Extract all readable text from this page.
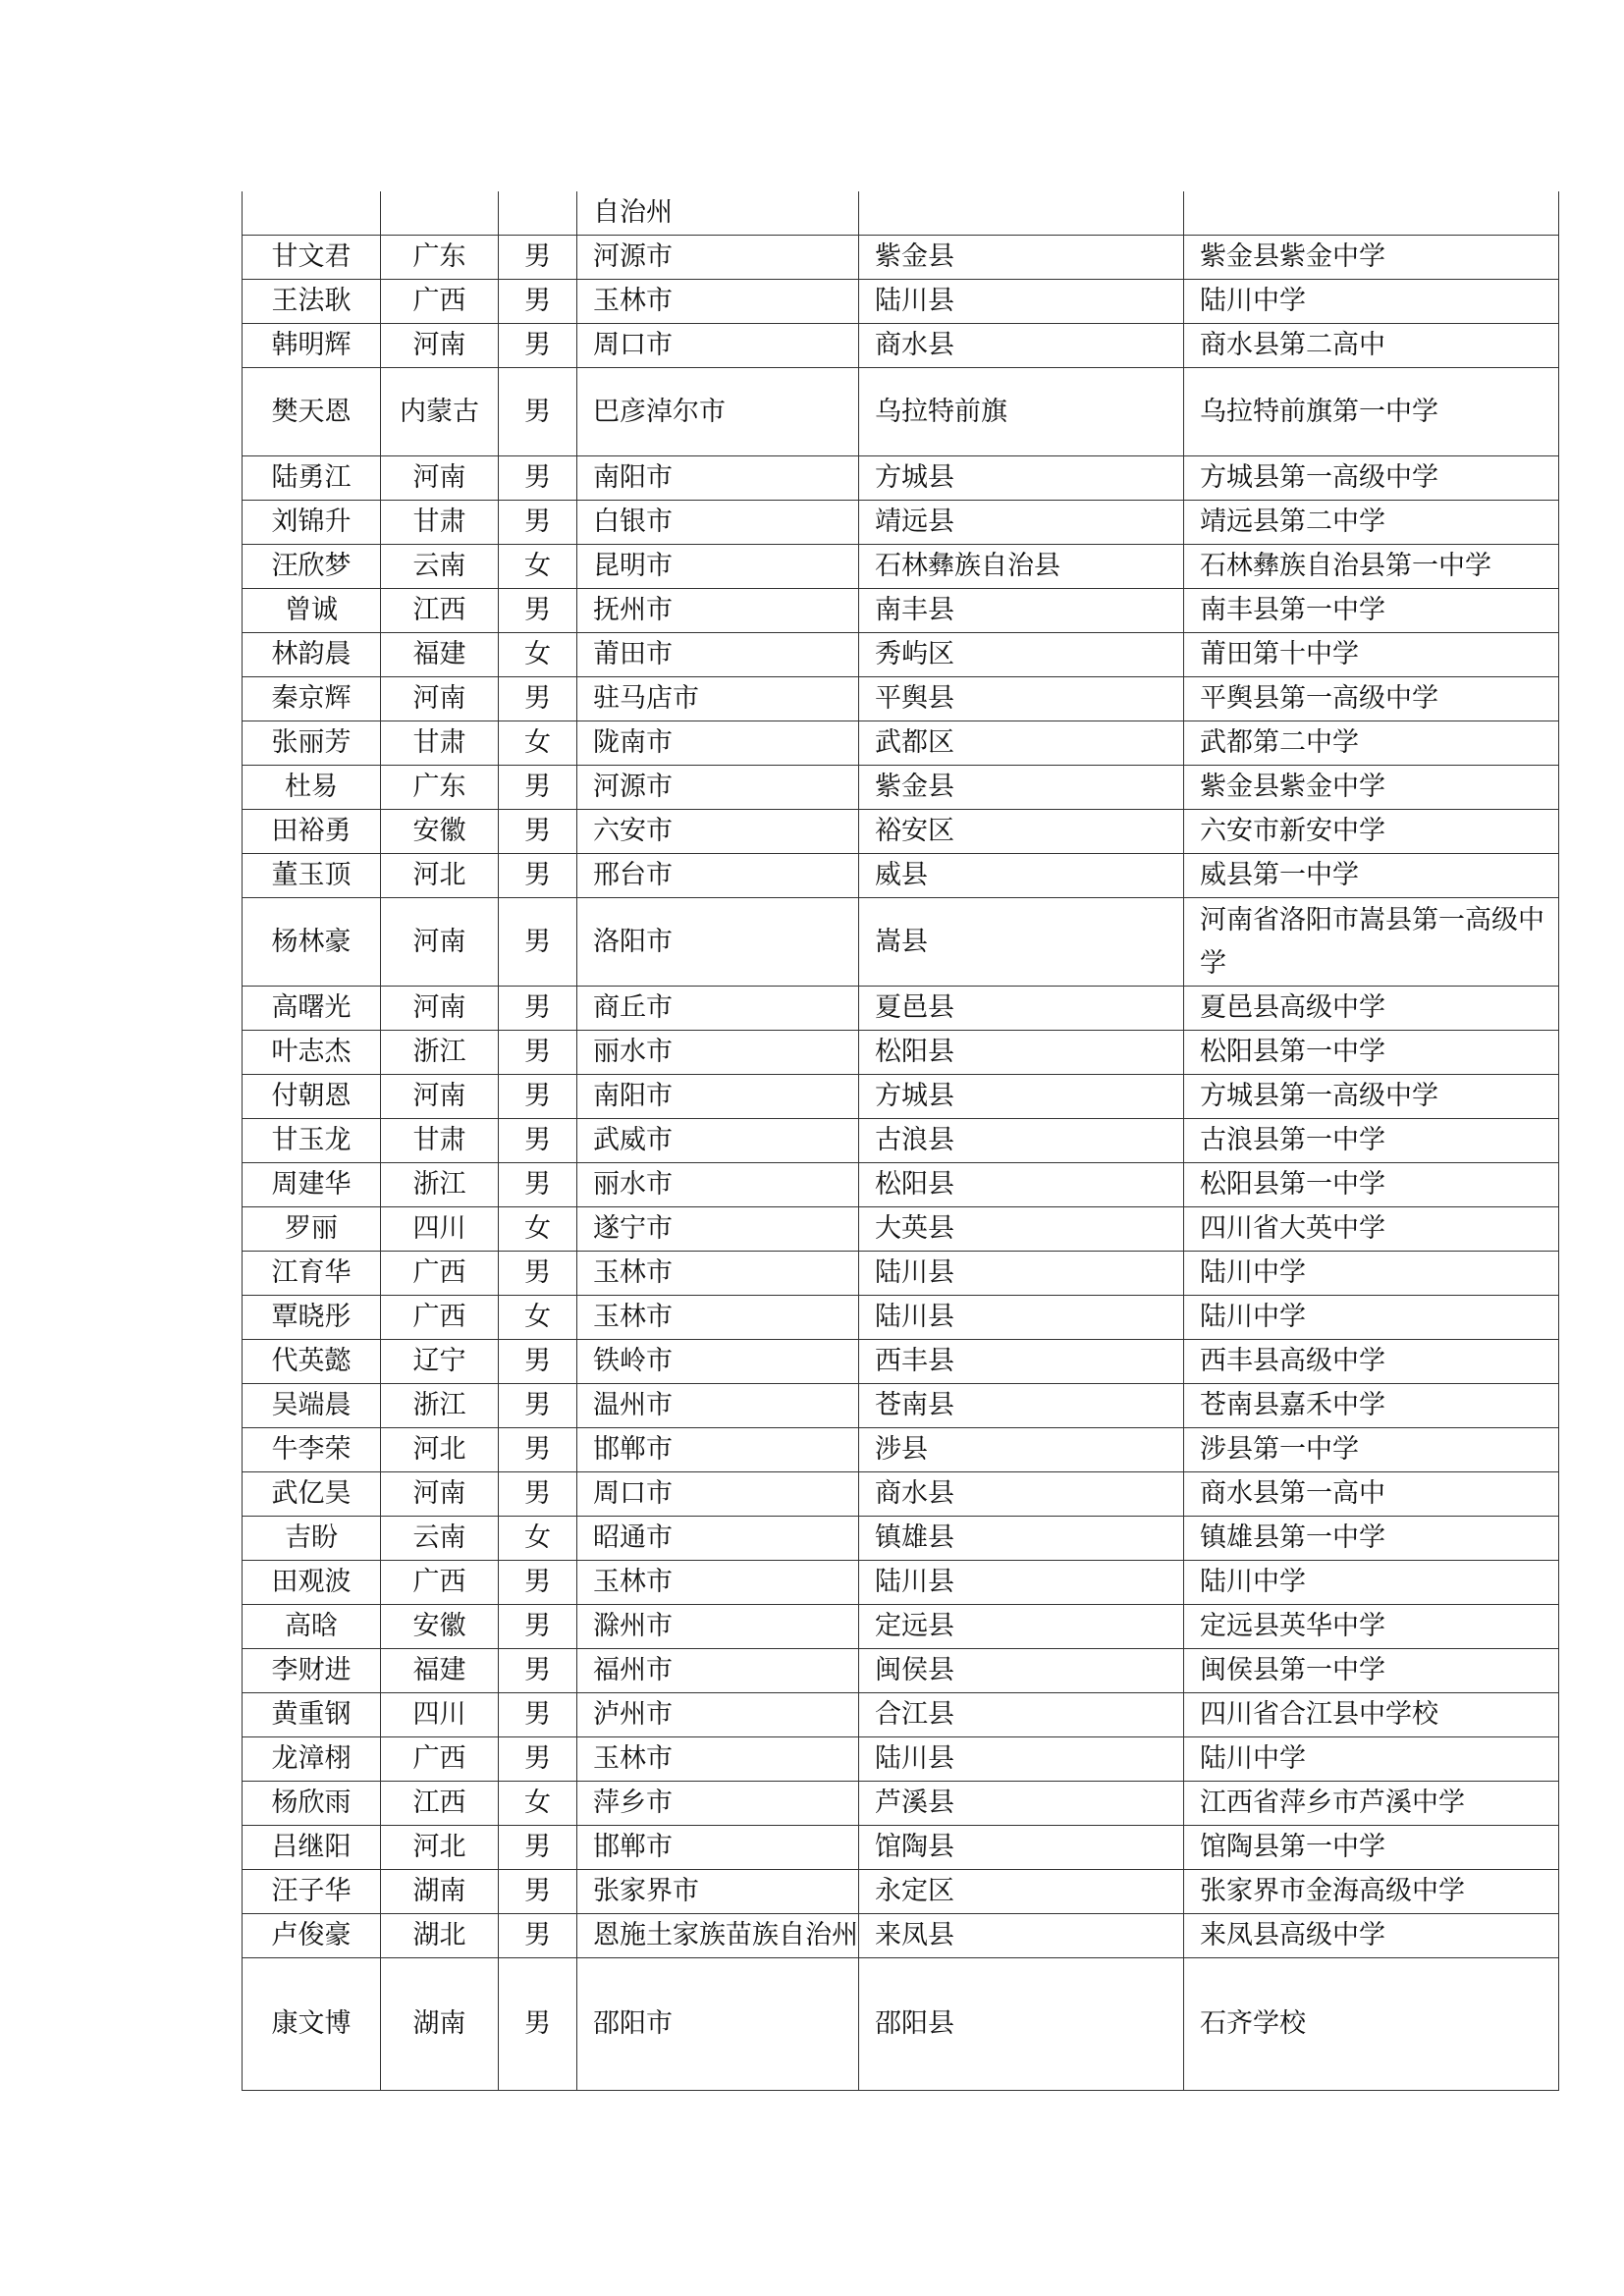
			自治州		
甘文君	广东	男	河源市	紫金县	紫金县紫金中学
王法耿	广西	男	玉林市	陆川县	陆川中学
韩明辉	河南	男	周口市	商水县	商水县第二高中
樊天恩	内蒙古	男	巴彦淖尔市	乌拉特前旗	乌拉特前旗第一中学
陆勇江	河南	男	南阳市	方城县	方城县第一高级中学
刘锦升	甘肃	男	白银市	靖远县	靖远县第二中学
汪欣梦	云南	女	昆明市	石林彝族自治县	石林彝族自治县第一中学
曾诚	江西	男	抚州市	南丰县	南丰县第一中学
林韵晨	福建	女	莆田市	秀屿区	莆田第十中学
秦京辉	河南	男	驻马店市	平舆县	平舆县第一高级中学
张丽芳	甘肃	女	陇南市	武都区	武都第二中学
杜易	广东	男	河源市	紫金县	紫金县紫金中学
田裕勇	安徽	男	六安市	裕安区	六安市新安中学
董玉顶	河北	男	邢台市	威县	威县第一中学
杨林豪	河南	男	洛阳市	嵩县	河南省洛阳市嵩县第一高级中学
高曙光	河南	男	商丘市	夏邑县	夏邑县高级中学
叶志杰	浙江	男	丽水市	松阳县	松阳县第一中学
付朝恩	河南	男	南阳市	方城县	方城县第一高级中学
甘玉龙	甘肃	男	武威市	古浪县	古浪县第一中学
周建华	浙江	男	丽水市	松阳县	松阳县第一中学
罗丽	四川	女	遂宁市	大英县	四川省大英中学
江育华	广西	男	玉林市	陆川县	陆川中学
覃晓彤	广西	女	玉林市	陆川县	陆川中学
代英懿	辽宁	男	铁岭市	西丰县	西丰县高级中学
吴端晨	浙江	男	温州市	苍南县	苍南县嘉禾中学
牛李荣	河北	男	邯郸市	涉县	涉县第一中学
武亿昊	河南	男	周口市	商水县	商水县第一高中
吉盼	云南	女	昭通市	镇雄县	镇雄县第一中学
田观波	广西	男	玉林市	陆川县	陆川中学
高晗	安徽	男	滁州市	定远县	定远县英华中学
李财进	福建	男	福州市	闽侯县	闽侯县第一中学
黄重钢	四川	男	泸州市	合江县	四川省合江县中学校
龙漳栩	广西	男	玉林市	陆川县	陆川中学
杨欣雨	江西	女	萍乡市	芦溪县	江西省萍乡市芦溪中学
吕继阳	河北	男	邯郸市	馆陶县	馆陶县第一中学
汪子华	湖南	男	张家界市	永定区	张家界市金海高级中学
卢俊豪	湖北	男	恩施土家族苗族自治州	来凤县	来凤县高级中学
康文博	湖南	男	邵阳市	邵阳县	石齐学校
